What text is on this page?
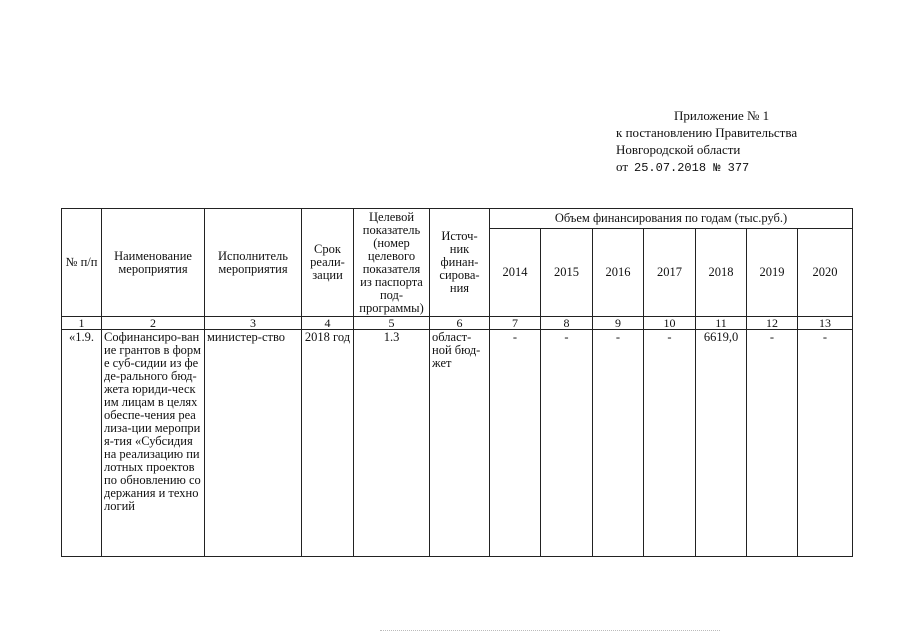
Приложение № 1
к постановлению Правительства
Новгородской области
от 25.07.2018 № 377
№ п/п	Наименование мероприятия	Исполнитель мероприятия	Срок реали-зации	Целевой показатель (номер целевого показателя из паспорта под-программы)	Источ-ник финан-сирова-ния	Объем финансирования по годам (тыс.руб.)						
						2014	2015	2016	2017	2018	2019	2020
1	2	3	4	5	6	7	8	9	10	11	12	13
«1.9.	Софинансиро-вание грантов в форме суб-сидии из феде-рального бюд-жета юриди-ческим лицам в целях обеспе-чения реализа-ции мероприя-тия «Субсидия на реализацию пилотных проектов по обновлению содержания и технологий	министер-ство	2018 год	1.3	област-ной бюд-жет	-	-	-	-	6619,0	-	-
